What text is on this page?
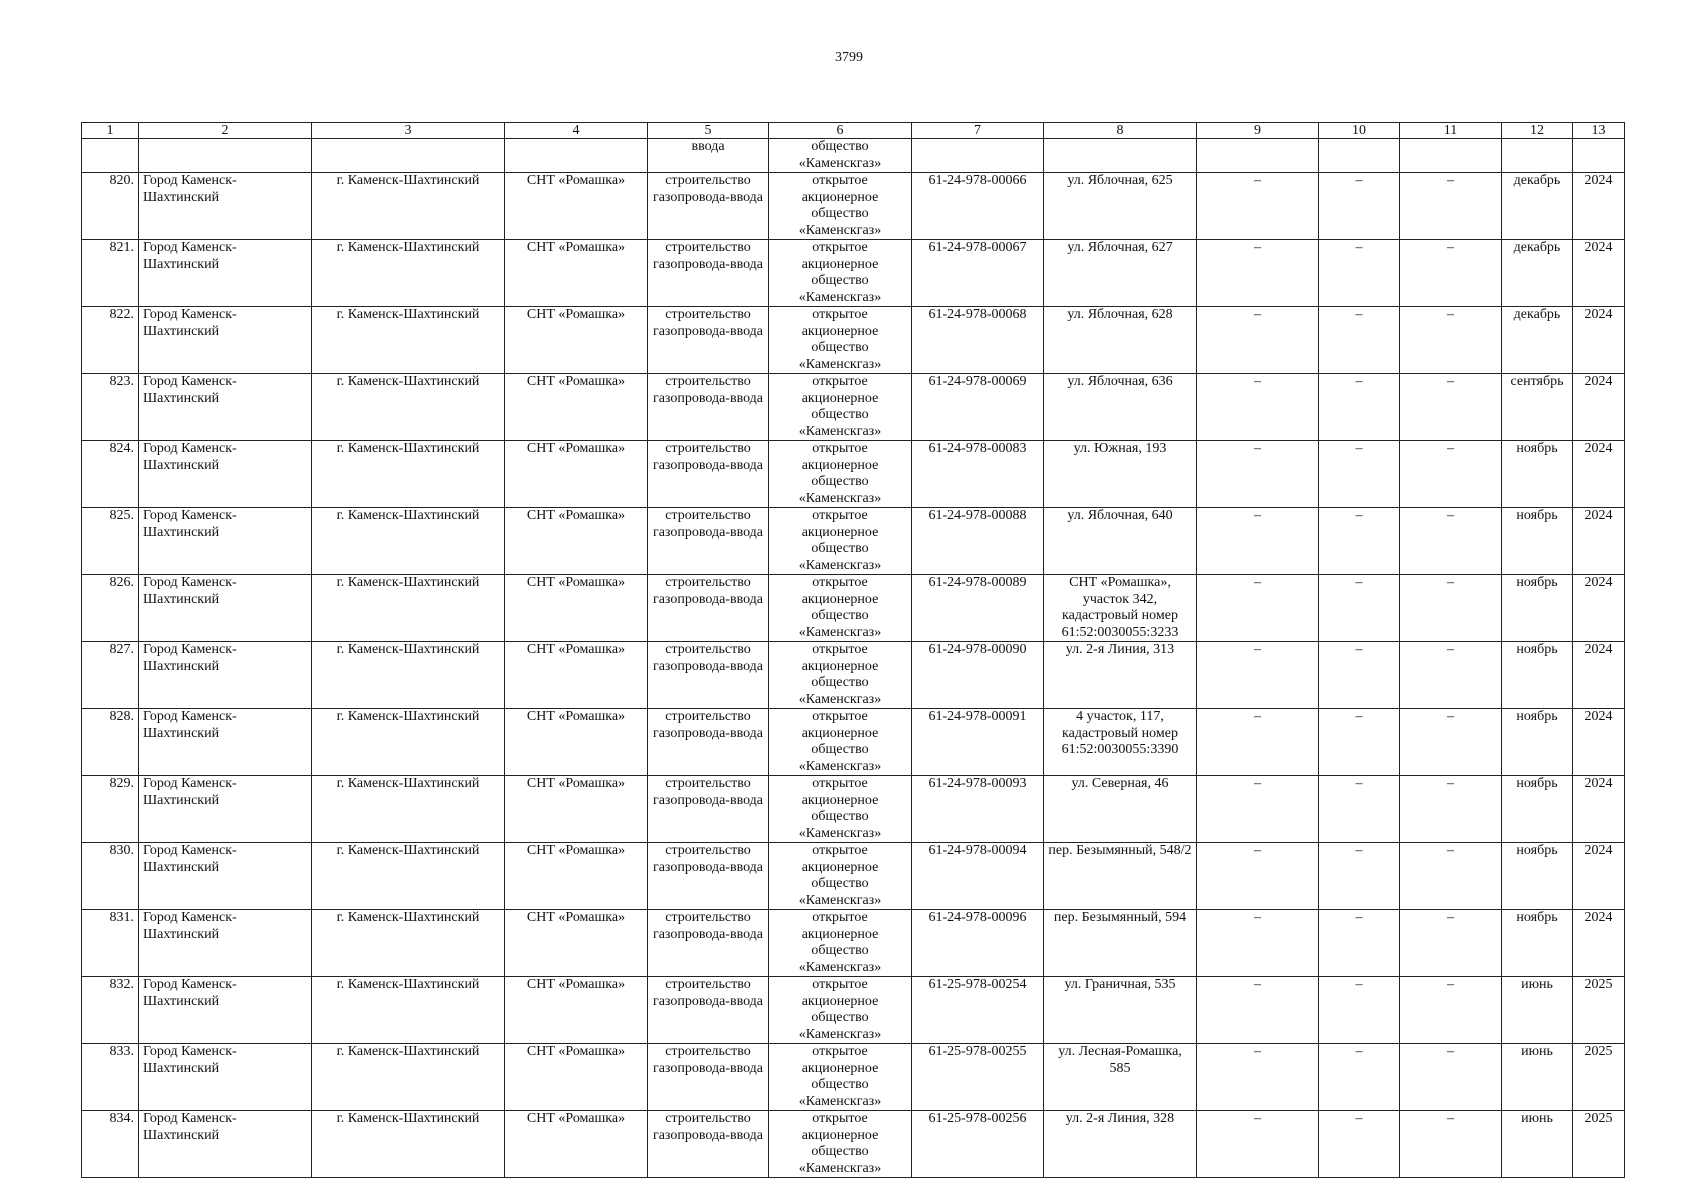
3799
1	2	3	4	5	6	7	8	9	10	11	12	13
				ввода	общество «Каменскгаз»							
820.	Город Каменск-Шахтинский	г. Каменск-Шахтинский	СНТ «Ромашка»	строительство газопровода-ввода	открытое акционерное общество «Каменскгаз»	61-24-978-00066	ул. Яблочная, 625	–	–	–	декабрь	2024
821.	Город Каменск-Шахтинский	г. Каменск-Шахтинский	СНТ «Ромашка»	строительство газопровода-ввода	открытое акционерное общество «Каменскгаз»	61-24-978-00067	ул. Яблочная, 627	–	–	–	декабрь	2024
822.	Город Каменск-Шахтинский	г. Каменск-Шахтинский	СНТ «Ромашка»	строительство газопровода-ввода	открытое акционерное общество «Каменскгаз»	61-24-978-00068	ул. Яблочная, 628	–	–	–	декабрь	2024
823.	Город Каменск-Шахтинский	г. Каменск-Шахтинский	СНТ «Ромашка»	строительство газопровода-ввода	открытое акционерное общество «Каменскгаз»	61-24-978-00069	ул. Яблочная, 636	–	–	–	сентябрь	2024
824.	Город Каменск-Шахтинский	г. Каменск-Шахтинский	СНТ «Ромашка»	строительство газопровода-ввода	открытое акционерное общество «Каменскгаз»	61-24-978-00083	ул. Южная, 193	–	–	–	ноябрь	2024
825.	Город Каменск-Шахтинский	г. Каменск-Шахтинский	СНТ «Ромашка»	строительство газопровода-ввода	открытое акционерное общество «Каменскгаз»	61-24-978-00088	ул. Яблочная, 640	–	–	–	ноябрь	2024
826.	Город Каменск-Шахтинский	г. Каменск-Шахтинский	СНТ «Ромашка»	строительство газопровода-ввода	открытое акционерное общество «Каменскгаз»	61-24-978-00089	СНТ «Ромашка», участок 342, кадастровый номер 61:52:0030055:3233	–	–	–	ноябрь	2024
827.	Город Каменск-Шахтинский	г. Каменск-Шахтинский	СНТ «Ромашка»	строительство газопровода-ввода	открытое акционерное общество «Каменскгаз»	61-24-978-00090	ул. 2-я Линия, 313	–	–	–	ноябрь	2024
828.	Город Каменск-Шахтинский	г. Каменск-Шахтинский	СНТ «Ромашка»	строительство газопровода-ввода	открытое акционерное общество «Каменскгаз»	61-24-978-00091	4 участок, 117, кадастровый номер 61:52:0030055:3390	–	–	–	ноябрь	2024
829.	Город Каменск-Шахтинский	г. Каменск-Шахтинский	СНТ «Ромашка»	строительство газопровода-ввода	открытое акционерное общество «Каменскгаз»	61-24-978-00093	ул. Северная, 46	–	–	–	ноябрь	2024
830.	Город Каменск-Шахтинский	г. Каменск-Шахтинский	СНТ «Ромашка»	строительство газопровода-ввода	открытое акционерное общество «Каменскгаз»	61-24-978-00094	пер. Безымянный, 548/2	–	–	–	ноябрь	2024
831.	Город Каменск-Шахтинский	г. Каменск-Шахтинский	СНТ «Ромашка»	строительство газопровода-ввода	открытое акционерное общество «Каменскгаз»	61-24-978-00096	пер. Безымянный, 594	–	–	–	ноябрь	2024
832.	Город Каменск-Шахтинский	г. Каменск-Шахтинский	СНТ «Ромашка»	строительство газопровода-ввода	открытое акционерное общество «Каменскгаз»	61-25-978-00254	ул. Граничная, 535	–	–	–	июнь	2025
833.	Город Каменск-Шахтинский	г. Каменск-Шахтинский	СНТ «Ромашка»	строительство газопровода-ввода	открытое акционерное общество «Каменскгаз»	61-25-978-00255	ул. Лесная-Ромашка, 585	–	–	–	июнь	2025
834.	Город Каменск-Шахтинский	г. Каменск-Шахтинский	СНТ «Ромашка»	строительство газопровода-ввода	открытое акционерное общество «Каменскгаз»	61-25-978-00256	ул. 2-я Линия, 328	–	–	–	июнь	2025
